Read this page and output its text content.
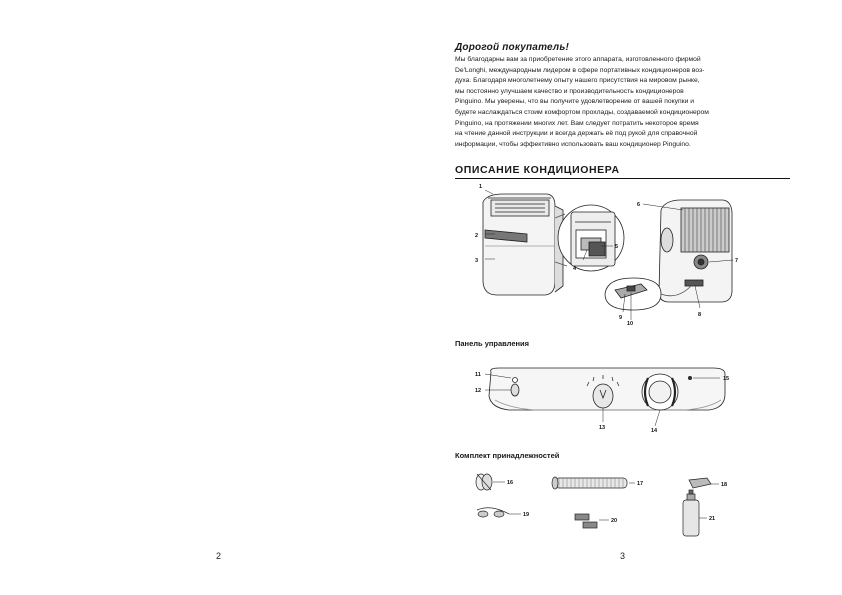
2	3
Дорогой покупатель!

Мы благодарны вам за приобретение этого аппарата, изготовленного фирмой
De'Longhi, международным лидером в сфере портативных кондиционеров воз-
духа. Благодаря многолетнему опыту нашего присутствия на мировом рынке,
мы постоянно улучшаем качество и производительность кондиционеров
Pinguino. Мы уверены, что вы получите удовлетворение от вашей покупки и
будете наслаждаться стоим комфортом прохлады, создаваемой кондиционером
Pinguino, на протяжении многих лет. Вам следует потратить некоторое время
на чтение данной инструкции и всегда держать её под рукой для справочной
информации, чтобы эффективно использовать ваш кондиционер Pinguino.

ОПИСАНИЕ КОНДИЦИОНЕРА
1
2
3
4
5
6
7
8
9
10
Панель управления
11
12
13	14
15
Комплект принадлежностей
16	17	18
19
20	21
